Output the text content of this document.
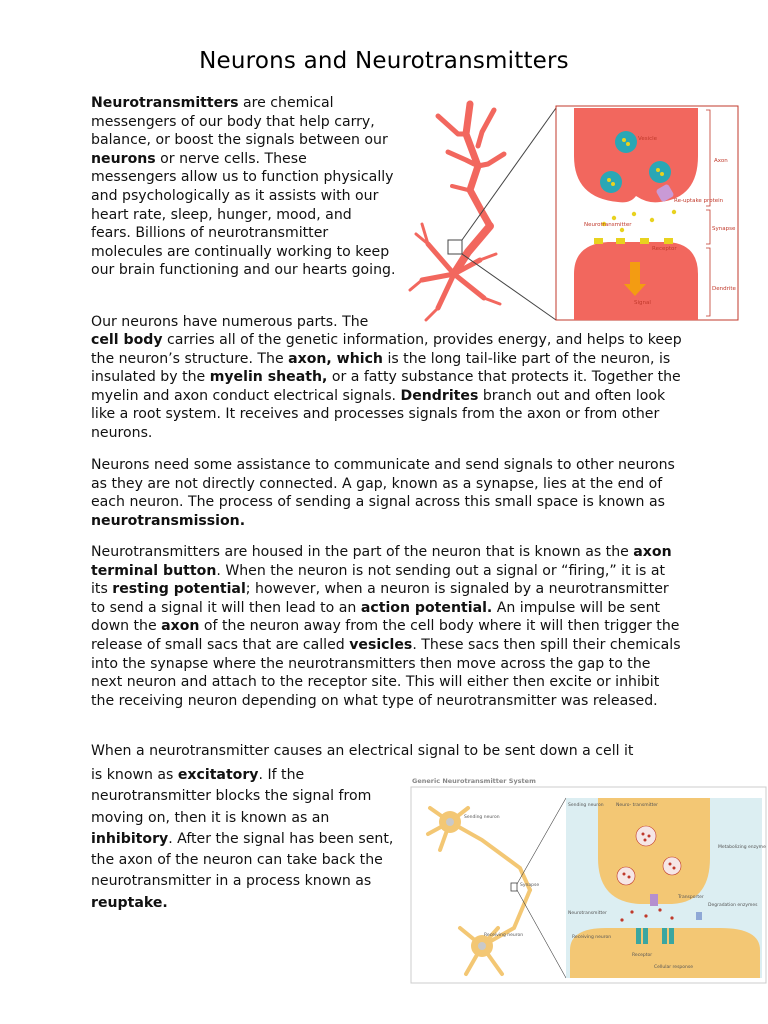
Neurons and Neurotransmitters

Neurotransmitters are chemical messengers of our body that help carry, balance, or boost the signals between our neurons or nerve cells. These messengers allow us to function physically and psychologically as it assists with our heart rate, sleep, hunger, mood, and fears. Billions of neurotransmitter molecules are continually working to keep our brain functioning and our hearts going.

Our neurons have numerous parts. The

cell body carries all of the genetic information, provides energy, and helps to keep the neuron’s structure. The axon, which is the long tail-like part of the neuron, is insulated by the myelin sheath, or a fatty substance that protects it. Together the myelin and axon conduct electrical signals. Dendrites branch out and often look like a root system. It receives and processes signals from the axon or from other neurons.

Neurons need some assistance to communicate and send signals to other neurons as they are not directly connected. A gap, known as a synapse, lies at the end of each neuron. The process of sending a signal across this small space is known as neurotransmission.

Neurotransmitters are housed in the part of the neuron that is known as the axon terminal button. When the neuron is not sending out a signal or “firing,” it is at its resting potential; however, when a neuron is signaled by a neurotransmitter to send a signal it will then lead to an action potential. An impulse will be sent down the axon of the neuron away from the cell body where it will then trigger the release of small sacs that are called vesicles. These sacs then spill their chemicals into the synapse where the neurotransmitters then move across the gap to the next neuron and attach to the receptor site. This will either then excite or inhibit the receiving neuron depending on what type of neurotransmitter was released.

When a neurotransmitter causes an electrical signal to be sent down a cell it

is known as excitatory. If the neurotransmitter blocks the signal from moving on, then it is known as an inhibitory. After the signal has been sent, the axon of the neuron can take back the neurotransmitter in a process known as reuptake.

Axon
Synapse
Dendrite
Vesicle
Re-uptake protein
Neurotransmitter
Receptor
Signal
Generic Neurotransmitter System
Sending neuron
Synapse
Receiving neuron
Sending neuron	Neuro- transmitter
Metabolizing enzyme
Transporter
Neurotransmitter
Degradation enzymes
Receiving neuron
Receptor
Cellular response
